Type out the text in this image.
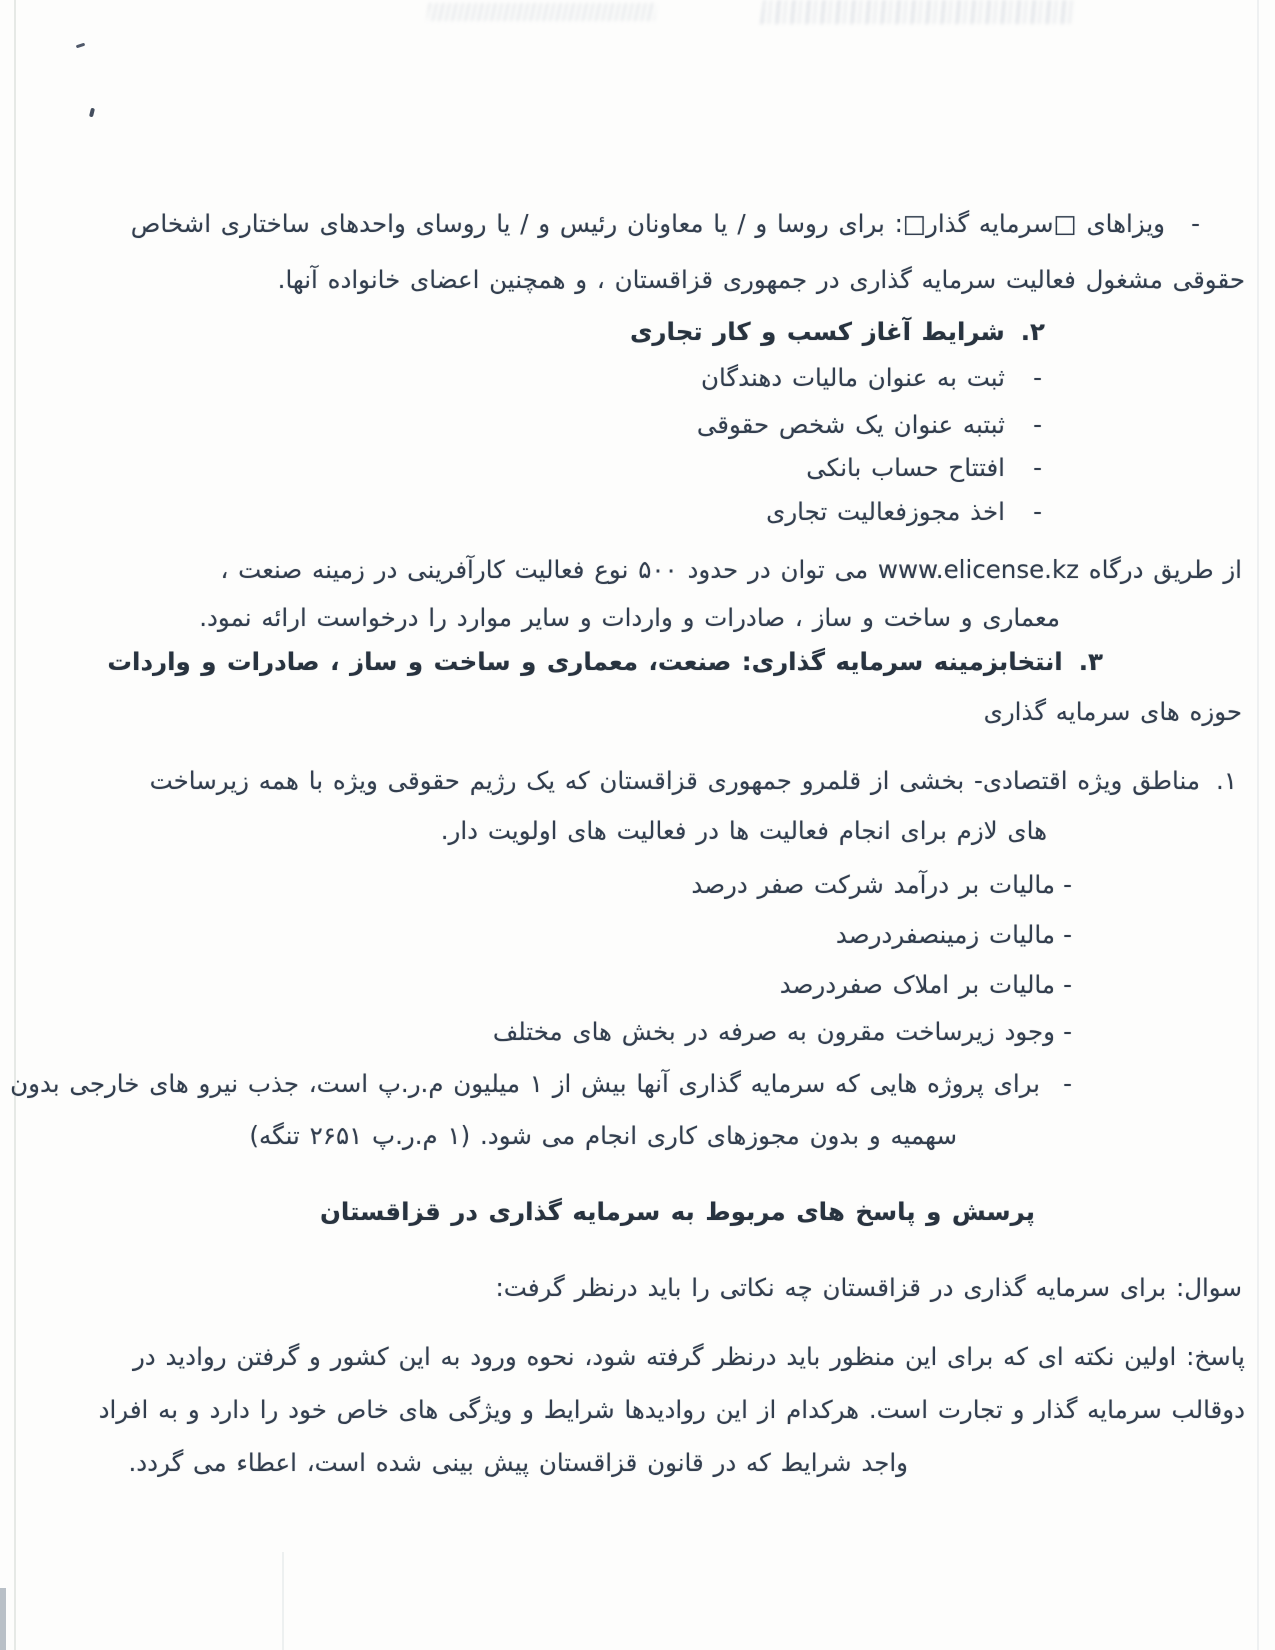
-
ویزاهای □سرمایه گذار□: برای روسا و / یا معاونان رئیس و / یا روسای واحدهای ساختاری اشخاص
حقوقی مشغول فعالیت سرمایه گذاری در جمهوری قزاقستان ، و همچنین اعضای خانواده آنها.
۲.شرایط آغاز کسب و کار تجاری
-
ثبت به عنوان مالیات دهندگان
-
ثبتبه عنوان یک شخص حقوقی
-
افتتاح حساب بانکی
-
اخذ مجوزفعالیت تجاری
از طریق درگاه www.elicense.kz می توان در حدود ۵۰۰ نوع فعالیت کارآفرینی در زمینه صنعت ،
معماری و ساخت و ساز ، صادرات و واردات و سایر موارد را درخواست ارائه نمود.
۳.انتخابزمینه سرمایه گذاری: صنعت، معماری و ساخت و ساز ، صادرات و واردات
حوزه های سرمایه گذاری
۱.مناطق ویژه اقتصادی- بخشی از قلمرو جمهوری قزاقستان که یک رژیم حقوقی ویژه با همه زیرساخت
های لازم برای انجام فعالیت ها در فعالیت های اولویت دار.
-
مالیات بر درآمد شرکت صفر درصد
-
مالیات زمینصفردرصد
-
مالیات بر املاک صفردرصد
-
وجود زیرساخت مقرون به صرفه در بخش های مختلف
-
برای پروژه هایی که سرمایه گذاری آنها بیش از ۱ میلیون م.ر.پ است، جذب نیرو های خارجی بدون
سهمیه و بدون مجوزهای کاری انجام می شود. (۱ م.ر.پ ۲۶۵۱ تنگه)
پرسش و پاسخ های مربوط به سرمایه گذاری در قزاقستان
سوال: برای سرمایه گذاری در قزاقستان چه نکاتی را باید درنظر گرفت:
پاسخ: اولین نکته ای که برای این منظور باید درنظر گرفته شود، نحوه ورود به این کشور و گرفتن روادید در
دوقالب سرمایه گذار و تجارت است. هرکدام از این روادیدها شرایط و ویژگی های خاص خود را دارد و به افراد
واجد شرایط که در قانون قزاقستان پیش بینی شده است، اعطاء می گردد.
